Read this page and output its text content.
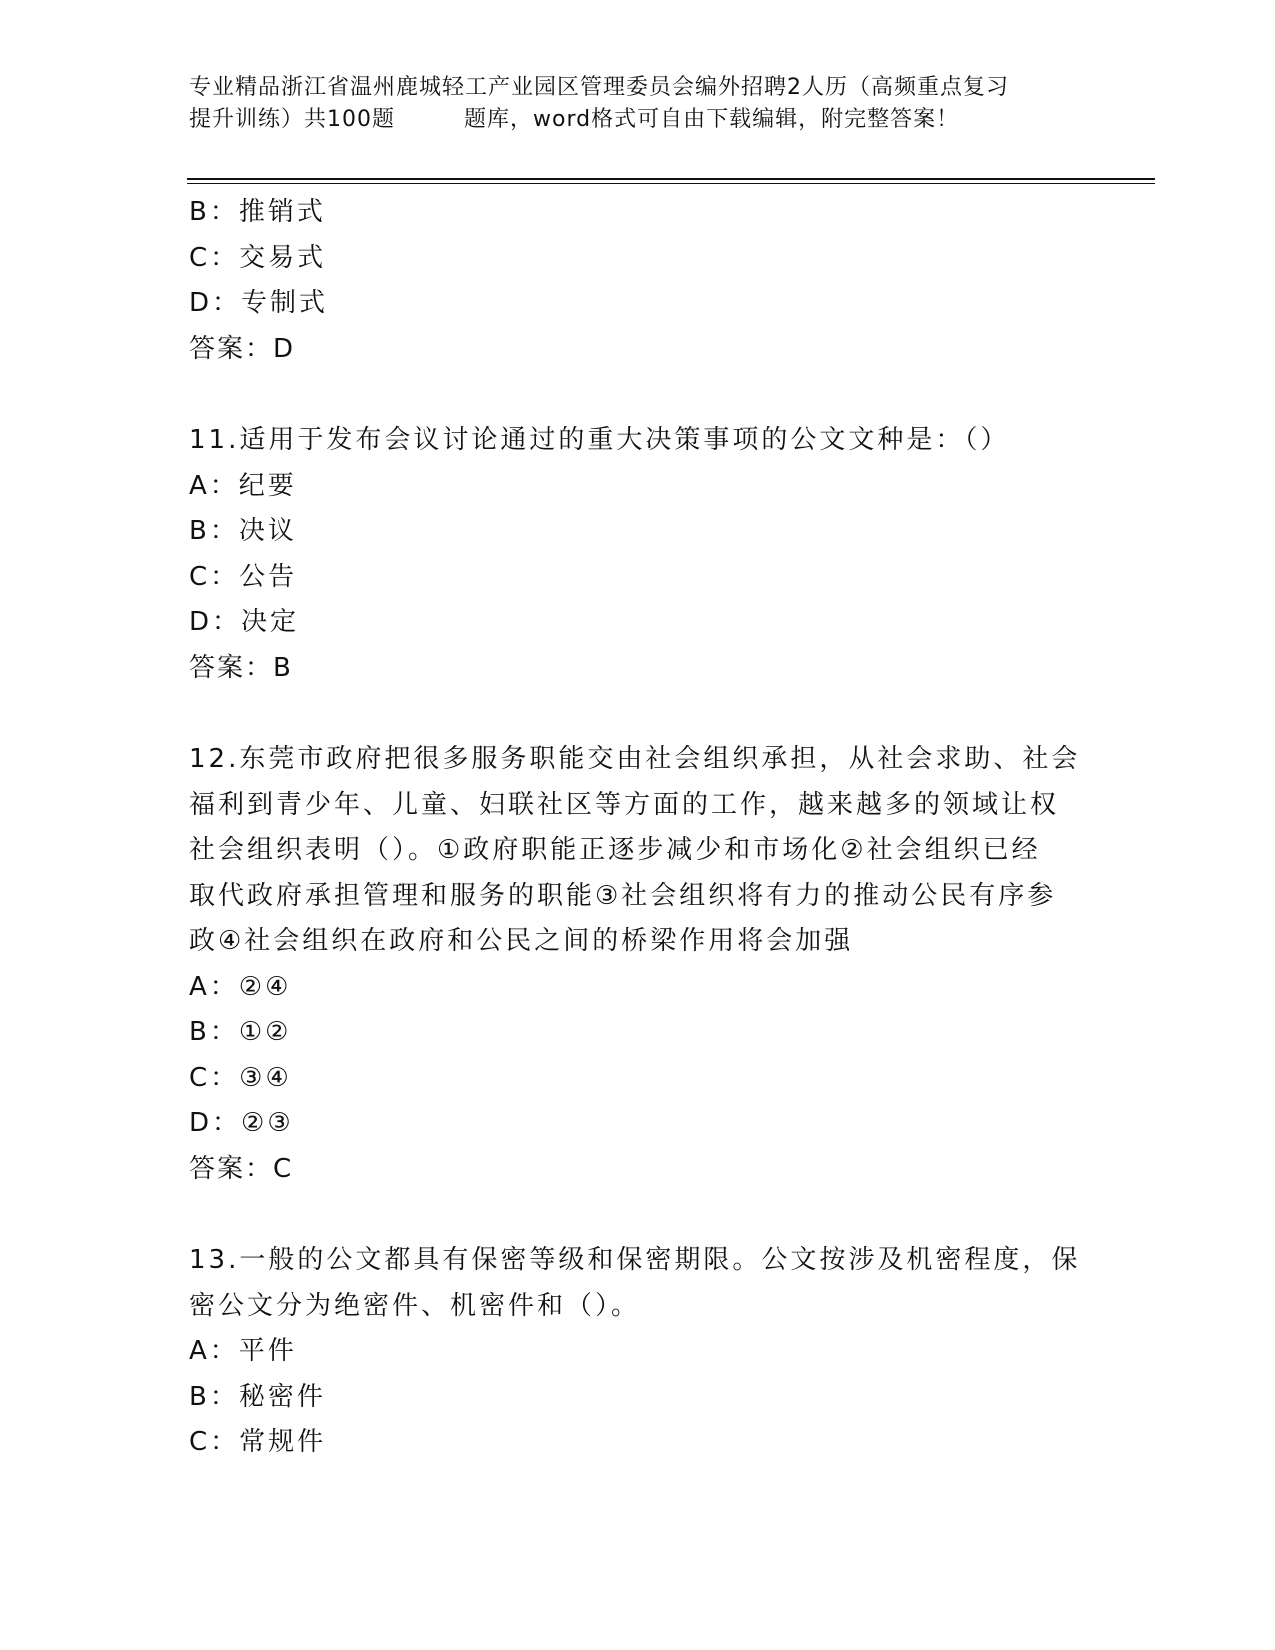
专业精品浙江省温州鹿城轻工产业园区管理委员会编外招聘2人历（高频重点复习
提升训练）共100题　　　题库，word格式可自由下载编辑，附完整答案！
B：推销式
C：交易式
D：专制式
答案：D
11.适用于发布会议讨论通过的重大决策事项的公文文种是：（）
A：纪要
B：决议
C：公告
D：决定
答案：B
12.东莞市政府把很多服务职能交由社会组织承担，从社会求助、社会
福利到青少年、儿童、妇联社区等方面的工作，越来越多的领域让权
社会组织表明（）。①政府职能正逐步减少和市场化②社会组织已经
取代政府承担管理和服务的职能③社会组织将有力的推动公民有序参
政④社会组织在政府和公民之间的桥梁作用将会加强
A：②④
B：①②
C：③④
D：②③
答案：C
13.一般的公文都具有保密等级和保密期限。公文按涉及机密程度，保
密公文分为绝密件、机密件和（）。
A：平件
B：秘密件
C：常规件
